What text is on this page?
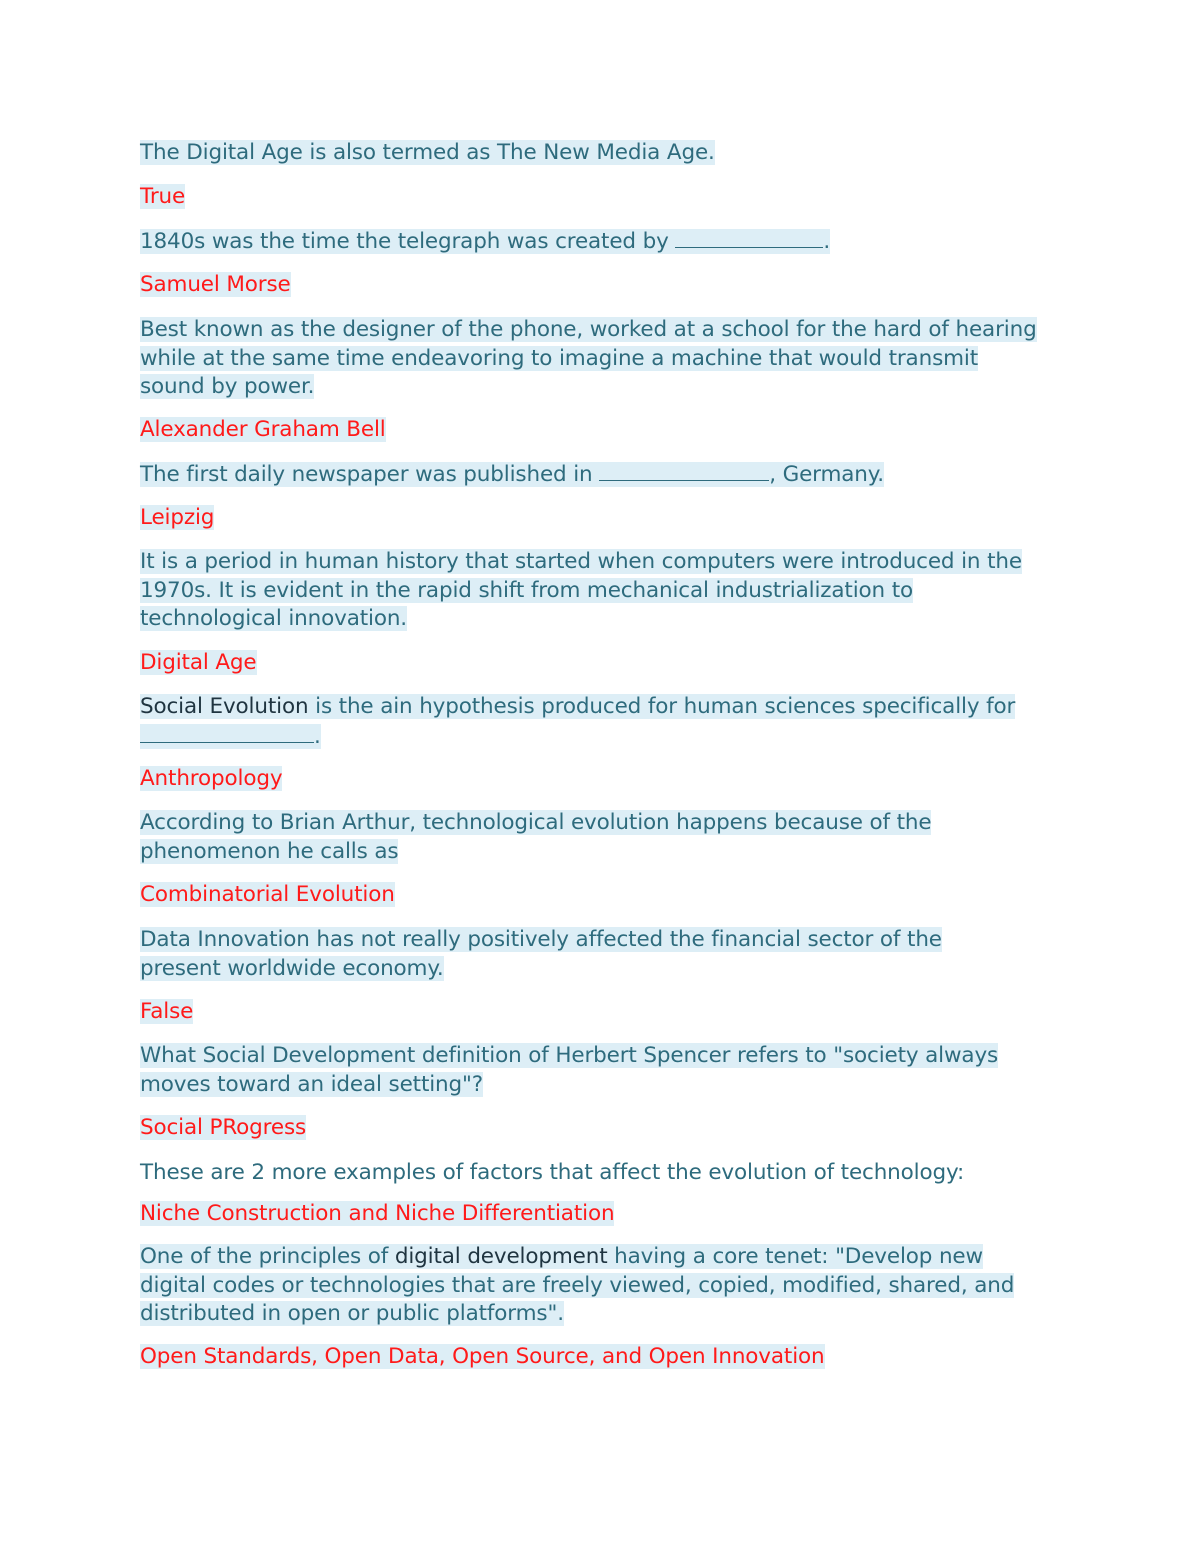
The Digital Age is also termed as The New Media Age.

True

1840s was the time the telegraph was created by	.

Samuel Morse

Best known as the designer of the phone, worked at a school for the hard of hearing while at the same time endeavoring to imagine a machine that would transmit sound by power.

Alexander Graham Bell

The first daily newspaper was published in	, Germany.

Leipzig

It is a period in human history that started when computers were introduced in the 1970s. It is evident in the rapid shift from mechanical industrialization to technological innovation.

Digital Age

Social Evolution is the ain hypothesis produced for human sciences specifically for .

Anthropology

According to Brian Arthur, technological evolution happens because of the phenomenon he calls as

Combinatorial Evolution

Data Innovation has not really positively affected the financial sector of the present worldwide economy.

False

What Social Development definition of Herbert Spencer refers to "society always moves toward an ideal setting"?

Social PRogress

These are 2 more examples of factors that affect the evolution of technology:

Niche Construction and Niche Differentiation

One of the principles of digital development having a core tenet: "Develop new digital codes or technologies that are freely viewed, copied, modified, shared, and distributed in open or public platforms".

Open Standards, Open Data, Open Source, and Open Innovation
